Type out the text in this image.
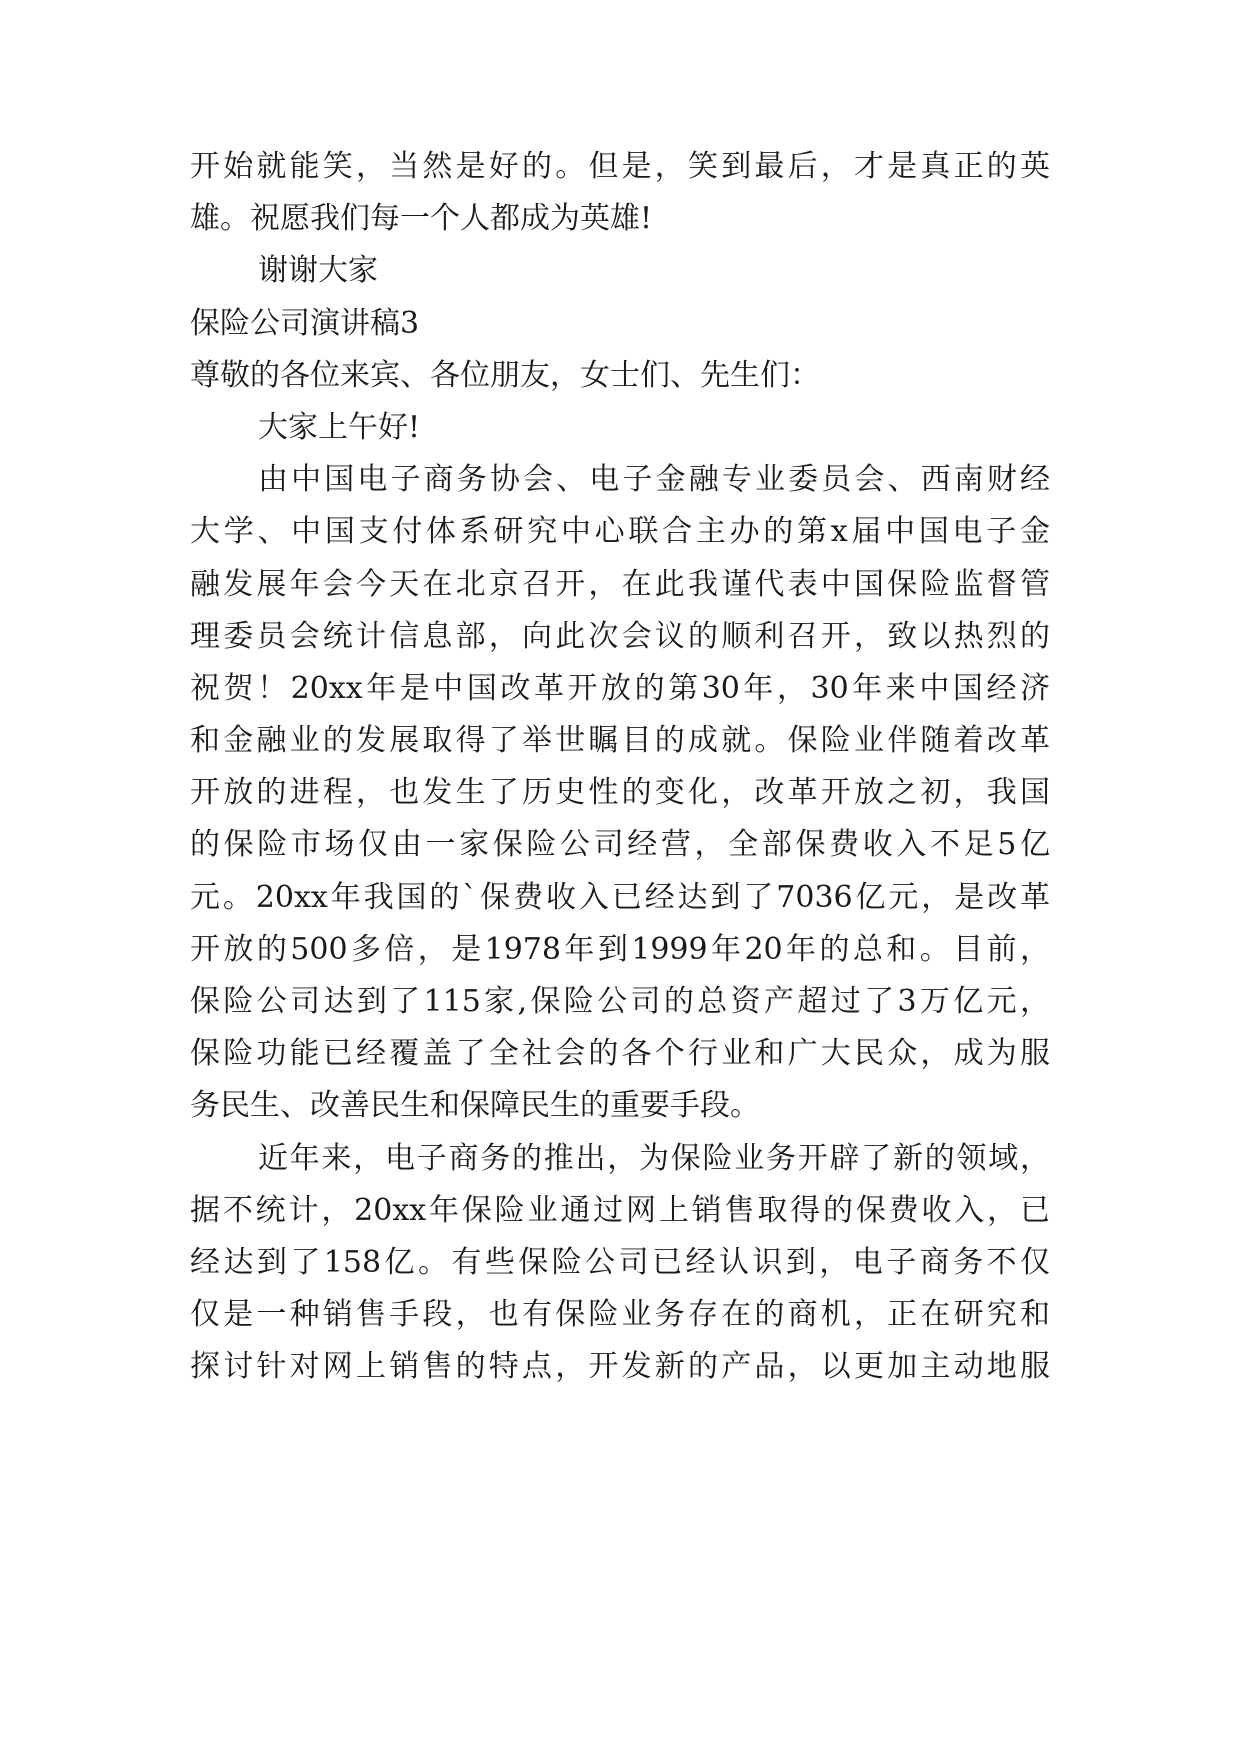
开始就能笑，当然是好的。但是，笑到最后，才是真正的英
雄。祝愿我们每一个人都成为英雄!
谢谢大家
保险公司演讲稿3
尊敬的各位来宾、各位朋友，女士们、先生们：
大家上午好!
由中国电子商务协会、电子金融专业委员会、西南财经
大学、中国支付体系研究中心联合主办的第x届中国电子金
融发展年会今天在北京召开，在此我谨代表中国保险监督管
理委员会统计信息部，向此次会议的顺利召开，致以热烈的
祝贺！20xx年是中国改革开放的第30年，30年来中国经济
和金融业的发展取得了举世瞩目的成就。保险业伴随着改革
开放的进程，也发生了历史性的变化，改革开放之初，我国
的保险市场仅由一家保险公司经营，全部保费收入不足5亿
元。20xx年我国的`保费收入已经达到了7036亿元，是改革
开放的500多倍，是1978年到1999年20年的总和。目前，
保险公司达到了115家,保险公司的总资产超过了3万亿元，
保险功能已经覆盖了全社会的各个行业和广大民众，成为服
务民生、改善民生和保障民生的重要手段。
近年来，电子商务的推出，为保险业务开辟了新的领域，
据不统计，20xx年保险业通过网上销售取得的保费收入，已
经达到了158亿。有些保险公司已经认识到，电子商务不仅
仅是一种销售手段，也有保险业务存在的商机，正在研究和
探讨针对网上销售的特点，开发新的产品，以更加主动地服
